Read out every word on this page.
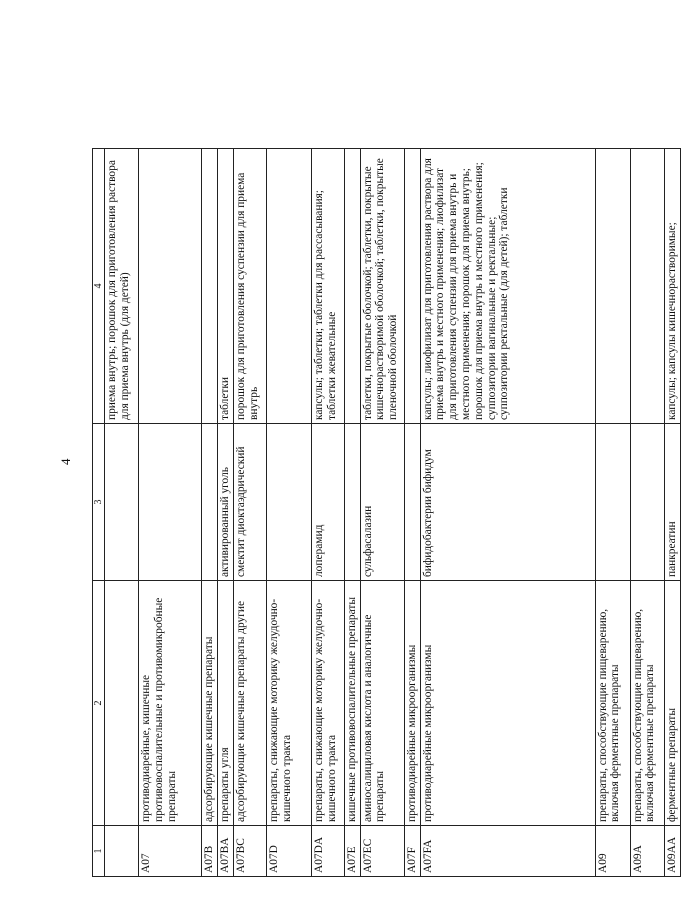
4
1	2	3	4
			приема внутрь; порошок для приготовления раствора для приема внутрь (для детей)
A07	противодиарейные, кишечные противовоспалительные и противомикробные препараты		
A07B	адсорбирующие кишечные препараты		
A07BA	препараты угля	активированный уголь	таблетки
A07BC	адсорбирующие кишечные препараты другие	смектит диоктаэдрический	порошок для приготовления суспензии для приема внутрь
A07D	препараты, снижающие моторику желудочно-кишечного тракта		
A07DA	препараты, снижающие моторику желудочно-кишечного тракта	лоперамид	капсулы; таблетки; таблетки для рассасывания; таблетки жевательные
A07E	кишечные противовоспалительные препараты		
A07EC	аминосалициловая кислота и аналогичные препараты	сульфасалазин	таблетки, покрытые оболочкой; таблетки, покрытые кишечнорастворимой оболочкой; таблетки, покрытые пленочной оболочкой
A07F	противодиарейные микроорганизмы		
A07FA	противодиарейные микроорганизмы	бифидобактерии бифидум	капсулы; лиофилизат для приготовления раствора для приема внутрь и местного применения; лиофилизат для приготовления суспензии для приема внутрь и местного применения; порошок для приема внутрь; порошок для приема внутрь и местного применения; суппозитории вагинальные и ректальные; суппозитории ректальные (для детей); таблетки
A09	препараты, способствующие пищеварению, включая ферментные препараты		
A09A	препараты, способствующие пищеварению, включая ферментные препараты		
A09AA	ферментные препараты	панкреатин	капсулы; капсулы кишечнорастворимые;
